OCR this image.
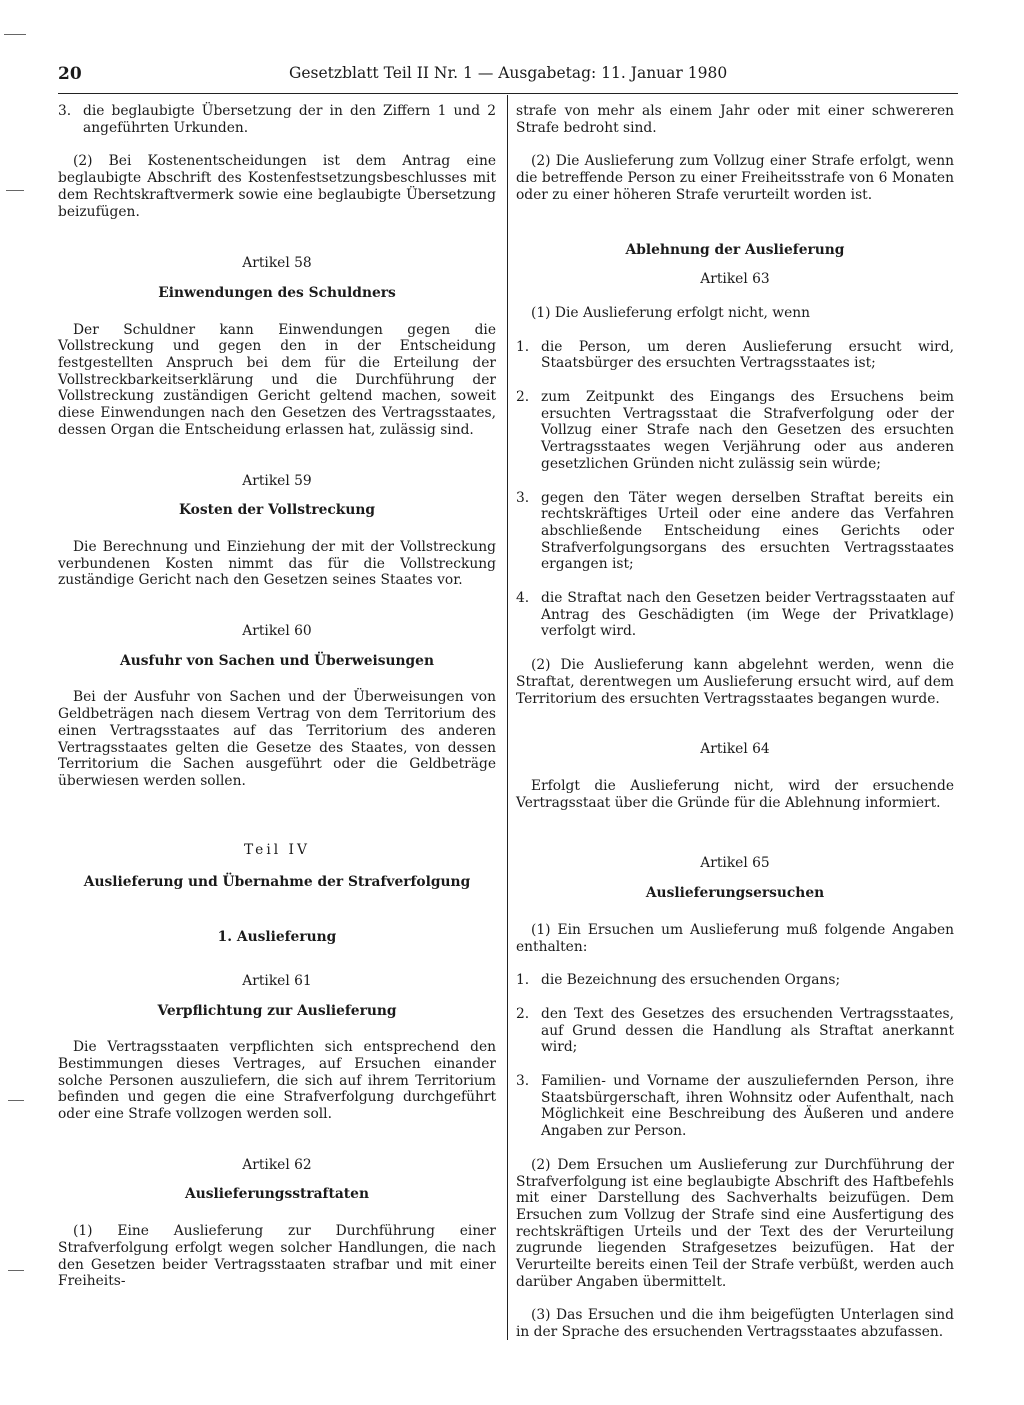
20	Gesetzblatt Teil II Nr. 1 — Ausgabetag: 11. Januar 1980

3. die beglaubigte Übersetzung der in den Ziffern 1 und 2 angeführten Urkunden.

(2) Bei Kostenentscheidungen ist dem Antrag eine beglaubigte Abschrift des Kostenfestsetzungsbeschlusses mit dem Rechtskraftvermerk sowie eine beglaubigte Übersetzung beizufügen.

Artikel 58

Einwendungen des Schuldners

Der Schuldner kann Einwendungen gegen die Vollstreckung und gegen den in der Entscheidung festgestellten Anspruch bei dem für die Erteilung der Vollstreckbarkeitserklärung und die Durchführung der Vollstreckung zuständigen Gericht geltend machen, soweit diese Einwendungen nach den Gesetzen des Vertragsstaates, dessen Organ die Entscheidung erlassen hat, zulässig sind.

Artikel 59

Kosten der Vollstreckung

Die Berechnung und Einziehung der mit der Vollstreckung verbundenen Kosten nimmt das für die Vollstreckung zuständige Gericht nach den Gesetzen seines Staates vor.

Artikel 60

Ausfuhr von Sachen und Überweisungen

Bei der Ausfuhr von Sachen und der Überweisungen von Geldbeträgen nach diesem Vertrag von dem Territorium des einen Vertragsstaates auf das Territorium des anderen Vertragsstaates gelten die Gesetze des Staates, von dessen Territorium die Sachen ausgeführt oder die Geldbeträge überwiesen werden sollen.

Teil IV

Auslieferung und Übernahme der Strafverfolgung

1. Auslieferung

Artikel 61

Verpflichtung zur Auslieferung

Die Vertragsstaaten verpflichten sich entsprechend den Bestimmungen dieses Vertrages, auf Ersuchen einander solche Personen auszuliefern, die sich auf ihrem Territorium befinden und gegen die eine Strafverfolgung durchgeführt oder eine Strafe vollzogen werden soll.

Artikel 62

Auslieferungsstraftaten

(1) Eine Auslieferung zur Durchführung einer Strafverfolgung erfolgt wegen solcher Handlungen, die nach den Gesetzen beider Vertragsstaaten strafbar und mit einer Freiheits-

strafe von mehr als einem Jahr oder mit einer schwereren Strafe bedroht sind.

(2) Die Auslieferung zum Vollzug einer Strafe erfolgt, wenn die betreffende Person zu einer Freiheitsstrafe von 6 Monaten oder zu einer höheren Strafe verurteilt worden ist.

Ablehnung der Auslieferung

Artikel 63

(1) Die Auslieferung erfolgt nicht, wenn

1. die Person, um deren Auslieferung ersucht wird, Staatsbürger des ersuchten Vertragsstaates ist;

2. zum Zeitpunkt des Eingangs des Ersuchens beim ersuchten Vertragsstaat die Strafverfolgung oder der Vollzug einer Strafe nach den Gesetzen des ersuchten Vertragsstaates wegen Verjährung oder aus anderen gesetzlichen Gründen nicht zulässig sein würde;

3. gegen den Täter wegen derselben Straftat bereits ein rechtskräftiges Urteil oder eine andere das Verfahren abschließende Entscheidung eines Gerichts oder Strafverfolgungsorgans des ersuchten Vertragsstaates ergangen ist;

4. die Straftat nach den Gesetzen beider Vertragsstaaten auf Antrag des Geschädigten (im Wege der Privatklage) verfolgt wird.

(2) Die Auslieferung kann abgelehnt werden, wenn die Straftat, derentwegen um Auslieferung ersucht wird, auf dem Territorium des ersuchten Vertragsstaates begangen wurde.

Artikel 64

Erfolgt die Auslieferung nicht, wird der ersuchende Vertragsstaat über die Gründe für die Ablehnung informiert.

Artikel 65

Auslieferungsersuchen

(1) Ein Ersuchen um Auslieferung muß folgende Angaben enthalten:

1. die Bezeichnung des ersuchenden Organs;

2. den Text des Gesetzes des ersuchenden Vertragsstaates, auf Grund dessen die Handlung als Straftat anerkannt wird;

3. Familien- und Vorname der auszuliefernden Person, ihre Staatsbürgerschaft, ihren Wohnsitz oder Aufenthalt, nach Möglichkeit eine Beschreibung des Äußeren und andere Angaben zur Person.

(2) Dem Ersuchen um Auslieferung zur Durchführung der Strafverfolgung ist eine beglaubigte Abschrift des Haftbefehls mit einer Darstellung des Sachverhalts beizufügen. Dem Ersuchen zum Vollzug der Strafe sind eine Ausfertigung des rechtskräftigen Urteils und der Text des der Verurteilung zugrunde liegenden Strafgesetzes beizufügen. Hat der Verurteilte bereits einen Teil der Strafe verbüßt, werden auch darüber Angaben übermittelt.

(3) Das Ersuchen und die ihm beigefügten Unterlagen sind in der Sprache des ersuchenden Vertragsstaates abzufassen.
